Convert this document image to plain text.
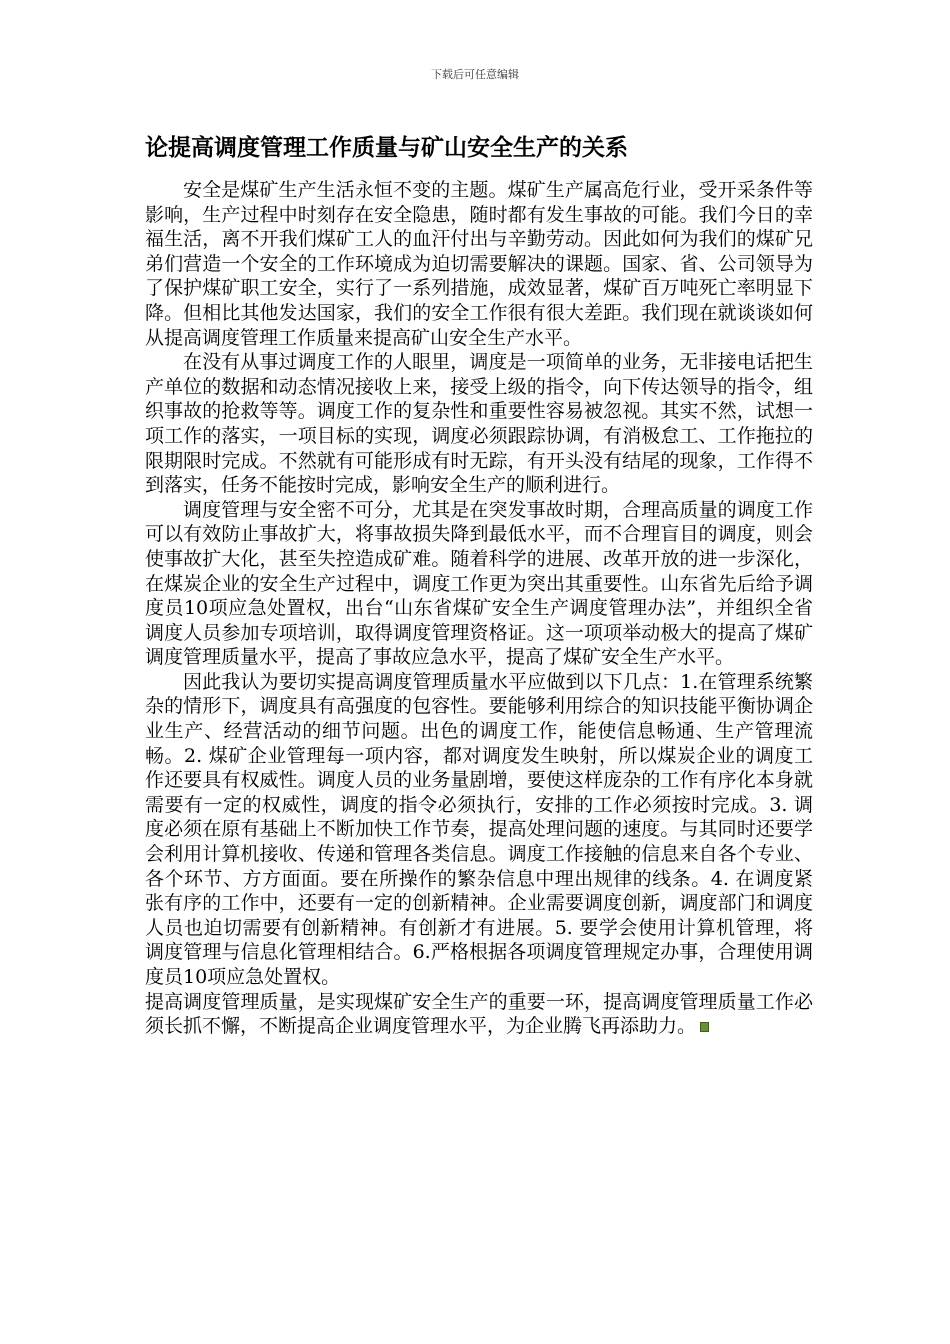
下载后可任意编辑
论提高调度管理工作质量与矿山安全生产的关系

安全是煤矿生产生活永恒不变的主题。煤矿生产属高危行业，受开采条件等影响，生产过程中时刻存在安全隐患，随时都有发生事故的可能。我们今日的幸福生活，离不开我们煤矿工人的血汗付出与辛勤劳动。因此如何为我们的煤矿兄弟们营造一个安全的工作环境成为迫切需要解决的课题。国家、省、公司领导为了保护煤矿职工安全，实行了一系列措施，成效显著，煤矿百万吨死亡率明显下降。但相比其他发达国家，我们的安全工作很有很大差距。我们现在就谈谈如何从提高调度管理工作质量来提高矿山安全生产水平。

在没有从事过调度工作的人眼里，调度是一项简单的业务，无非接电话把生产单位的数据和动态情况接收上来，接受上级的指令，向下传达领导的指令，组织事故的抢救等等。调度工作的复杂性和重要性容易被忽视。其实不然，试想一项工作的落实，一项目标的实现，调度必须跟踪协调，有消极怠工、工作拖拉的限期限时完成。不然就有可能形成有时无踪，有开头没有结尾的现象，工作得不到落实，任务不能按时完成，影响安全生产的顺利进行。

调度管理与安全密不可分，尤其是在突发事故时期，合理高质量的调度工作可以有效防止事故扩大，将事故损失降到最低水平，而不合理盲目的调度，则会使事故扩大化，甚至失控造成矿难。随着科学的进展、改革开放的进一步深化，在煤炭企业的安全生产过程中，调度工作更为突出其重要性。山东省先后给予调度员10项应急处置权，出台“山东省煤矿安全生产调度管理办法”，并组织全省调度人员参加专项培训，取得调度管理资格证。这一项项举动极大的提高了煤矿调度管理质量水平，提高了事故应急水平，提高了煤矿安全生产水平。

因此我认为要切实提高调度管理质量水平应做到以下几点：1.在管理系统繁杂的情形下，调度具有高强度的包容性。要能够利用综合的知识技能平衡协调企业生产、经营活动的细节问题。出色的调度工作，能使信息畅通、生产管理流畅。2. 煤矿企业管理每一项内容，都对调度发生映射，所以煤炭企业的调度工作还要具有权威性。调度人员的业务量剧增，要使这样庞杂的工作有序化本身就需要有一定的权威性，调度的指令必须执行，安排的工作必须按时完成。3. 调度必须在原有基础上不断加快工作节奏，提高处理问题的速度。与其同时还要学会利用计算机接收、传递和管理各类信息。调度工作接触的信息来自各个专业、各个环节、方方面面。要在所操作的繁杂信息中理出规律的线条。4. 在调度紧张有序的工作中，还要有一定的创新精神。企业需要调度创新，调度部门和调度人员也迫切需要有创新精神。有创新才有进展。5. 要学会使用计算机管理，将调度管理与信息化管理相结合。6.严格根据各项调度管理规定办事，合理使用调度员10项应急处置权。

提高调度管理质量，是实现煤矿安全生产的重要一环，提高调度管理质量工作必须长抓不懈，不断提高企业调度管理水平，为企业腾飞再添助力。
